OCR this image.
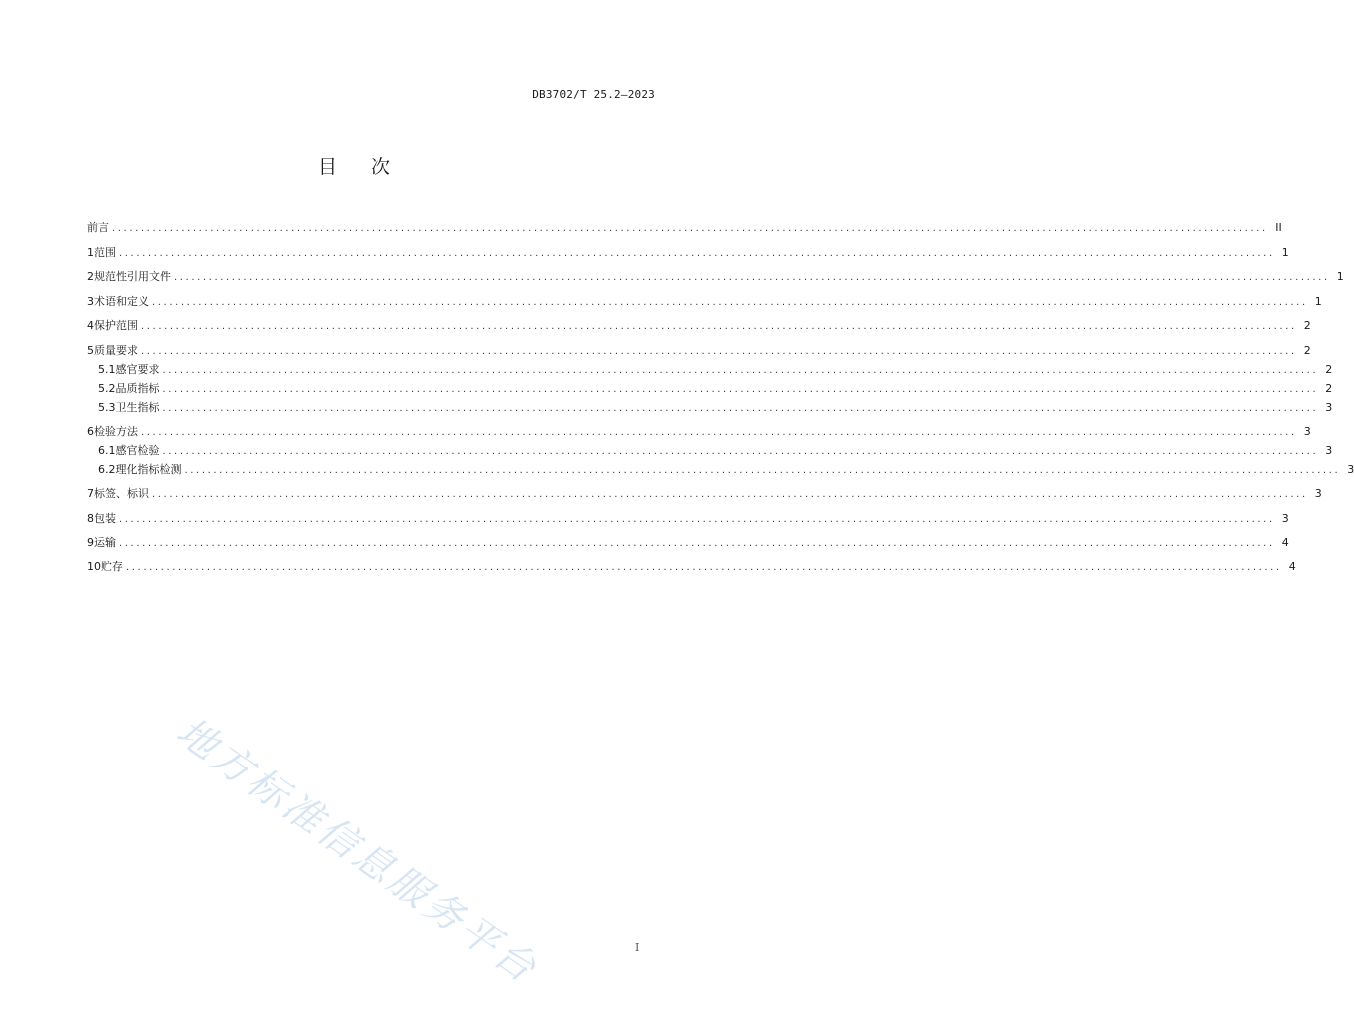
DB3702/T 25.2—2023
目次
前言 ........................................................................................................................................................................................................ II
1 范围 ........................................................................................................................................................................................................ 1
2 规范性引用文件 ........................................................................................................................................................................................................ 1
3 术语和定义 ........................................................................................................................................................................................................ 1
4 保护范围 ........................................................................................................................................................................................................ 2
5 质量要求 ........................................................................................................................................................................................................ 2
5.1 感官要求 ........................................................................................................................................................................................................ 2
5.2 品质指标 ........................................................................................................................................................................................................ 2
5.3 卫生指标 ........................................................................................................................................................................................................ 3
6 检验方法 ........................................................................................................................................................................................................ 3
6.1 感官检验 ........................................................................................................................................................................................................ 3
6.2 理化指标检测 ........................................................................................................................................................................................................ 3
7 标签、标识 ........................................................................................................................................................................................................ 3
8 包装 ........................................................................................................................................................................................................ 3
9 运输 ........................................................................................................................................................................................................ 4
10 贮存 ........................................................................................................................................................................................................ 4
地方标准信息服务平台	I
